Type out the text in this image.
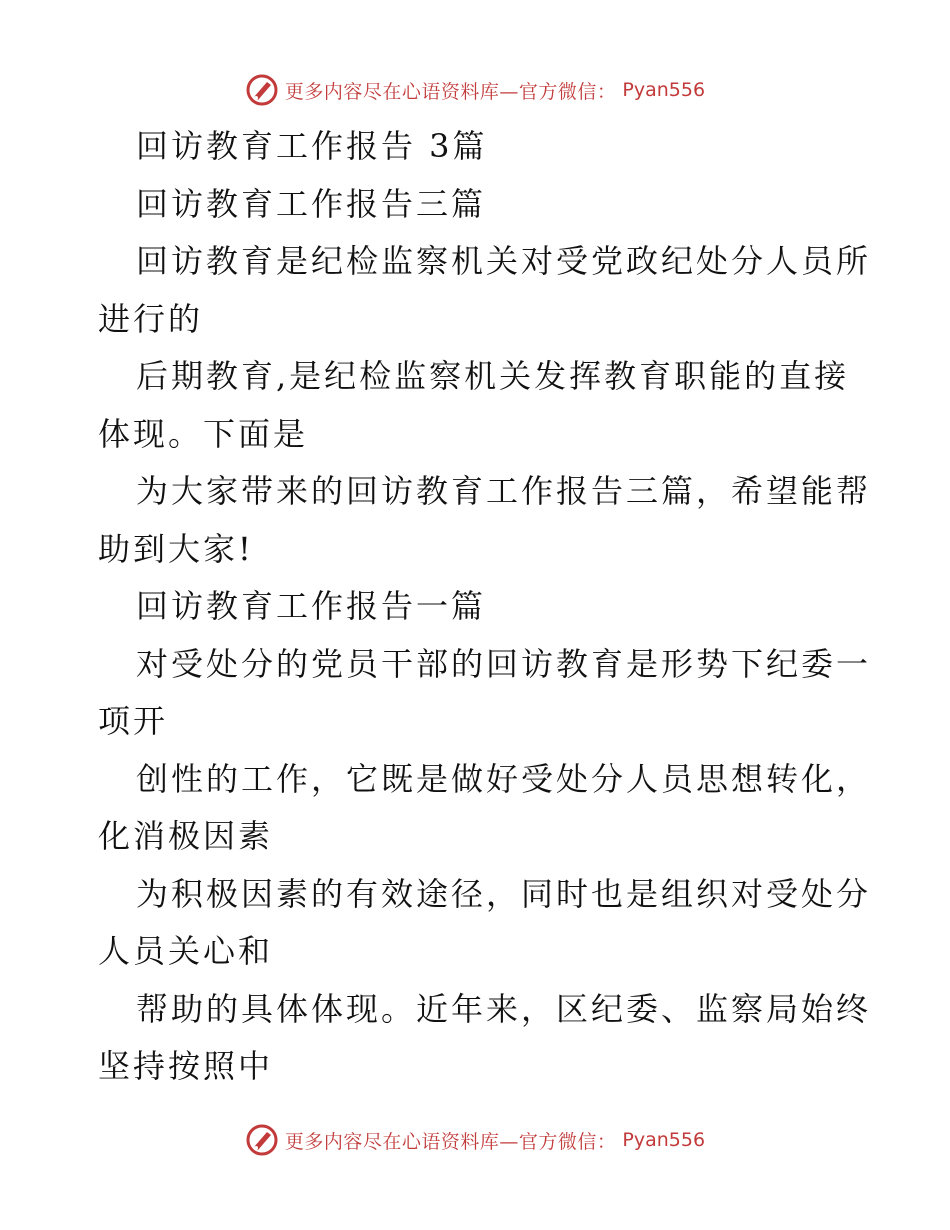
更多内容尽在心语资料库—官方微信： Pyan556
回访教育工作报告 3篇
回访教育工作报告三篇
回访教育是纪检监察机关对受党政纪处分人员所
进行的
后期教育,是纪检监察机关发挥教育职能的直接
体现。下面是
为大家带来的回访教育工作报告三篇，希望能帮
助到大家!
回访教育工作报告一篇
对受处分的党员干部的回访教育是形势下纪委一
项开
创性的工作，它既是做好受处分人员思想转化，
化消极因素
为积极因素的有效途径，同时也是组织对受处分
人员关心和
帮助的具体体现。近年来，区纪委、监察局始终
坚持按照中
更多内容尽在心语资料库—官方微信： Pyan556
